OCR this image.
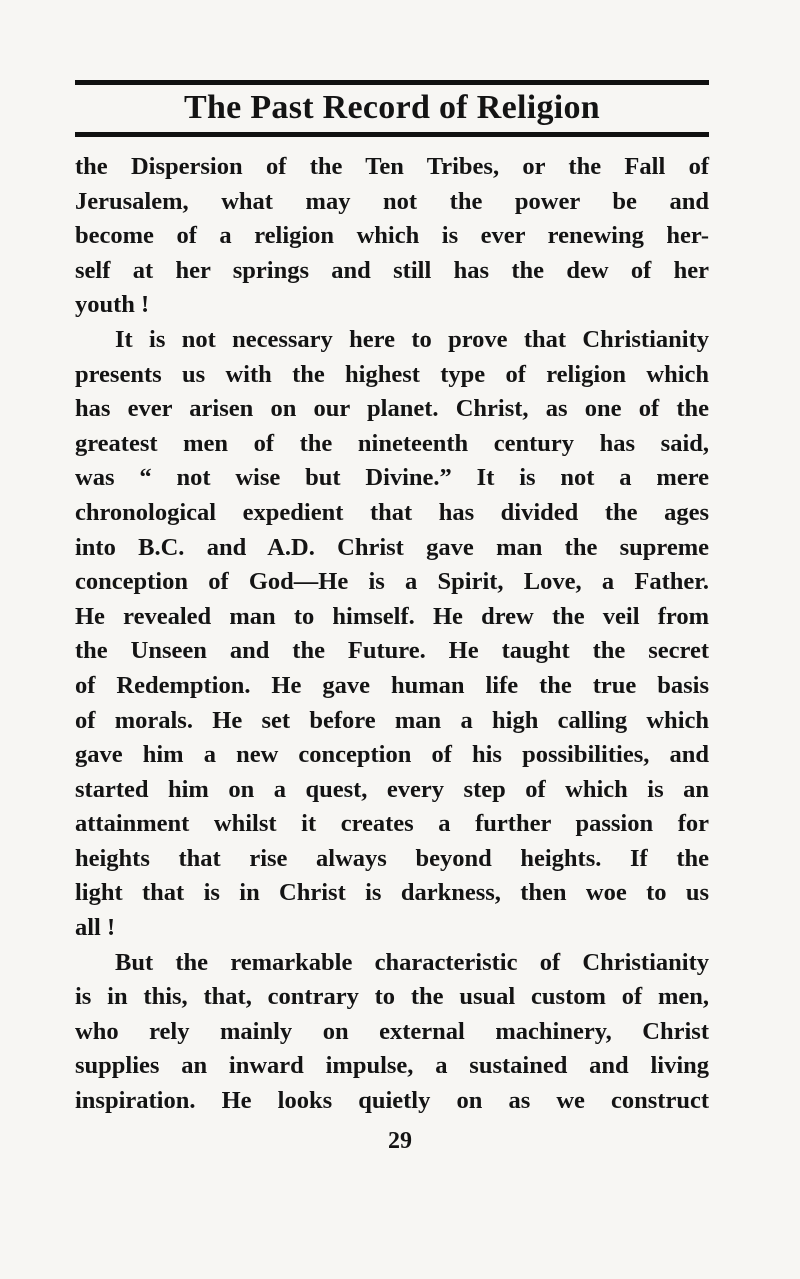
The Past Record of Religion
the Dispersion of the Ten Tribes, or the Fall of
Jerusalem, what may not the power be and
become of a religion which is ever renewing her-
self at her springs and still has the dew of her
youth !
It is not necessary here to prove that Christianity
presents us with the highest type of religion which
has ever arisen on our planet. Christ, as one of the
greatest men of the nineteenth century has said,
was “ not wise but Divine.” It is not a mere
chronological expedient that has divided the ages
into B.C. and A.D. Christ gave man the supreme
conception of God—He is a Spirit, Love, a Father.
He revealed man to himself. He drew the veil from
the Unseen and the Future. He taught the secret
of Redemption. He gave human life the true basis
of morals. He set before man a high calling which
gave him a new conception of his possibilities, and
started him on a quest, every step of which is an
attainment whilst it creates a further passion for
heights that rise always beyond heights. If the
light that is in Christ is darkness, then woe to us
all !
But the remarkable characteristic of Christianity
is in this, that, contrary to the usual custom of men,
who rely mainly on external machinery, Christ
supplies an inward impulse, a sustained and living
inspiration. He looks quietly on as we construct
29
